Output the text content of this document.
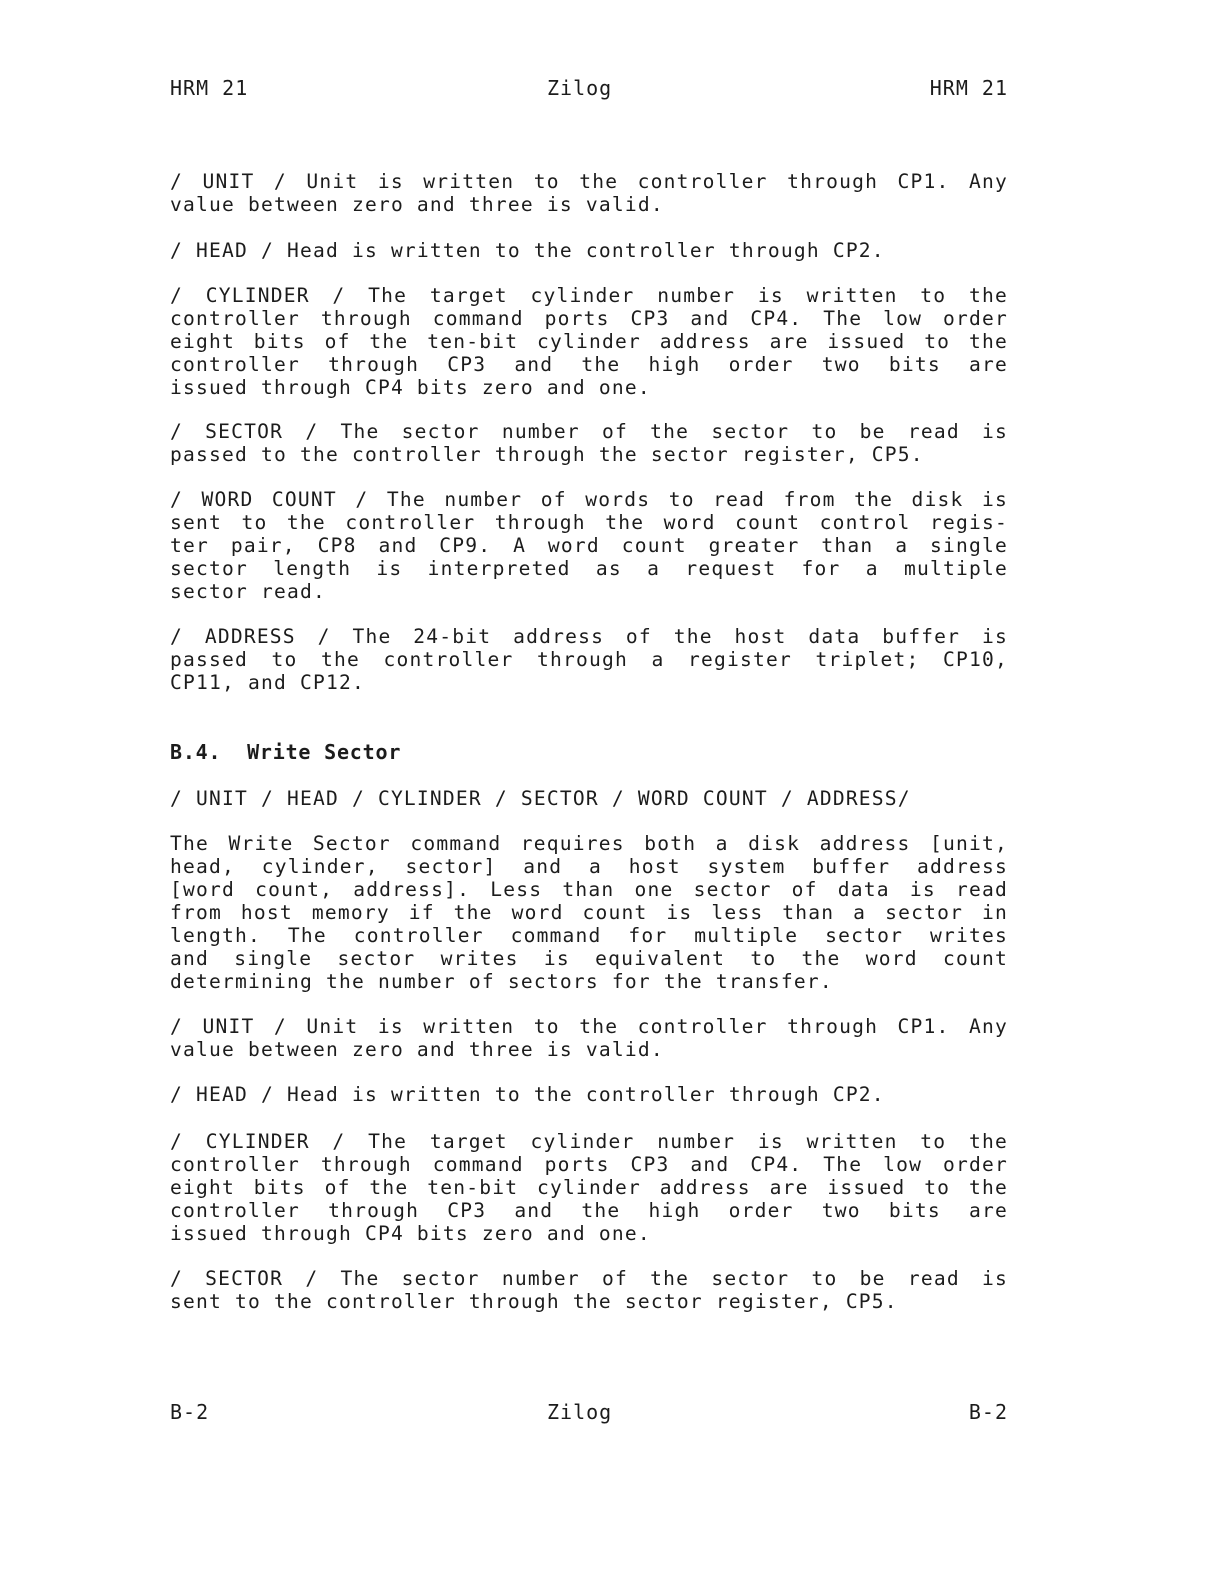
HRM 21	Zilog	HRM 21
/ UNIT / Unit is written to the controller through CP1. Any
value between zero and three is valid.
/ HEAD / Head is written to the controller through CP2.
/ CYLINDER / The target cylinder number is written to the
controller through command ports CP3 and CP4. The low order
eight bits of the ten-bit cylinder address are issued to the
controller through CP3 and the high order two bits are
issued through CP4 bits zero and one.
/ SECTOR / The sector number of the sector to be read is
passed to the controller through the sector register, CP5.
/ WORD COUNT / The number of words to read from the disk is
sent to the controller through the word count control regis-
ter pair, CP8 and CP9. A word count greater than a single
sector length is interpreted as a request for a multiple
sector read.
/ ADDRESS / The 24-bit address of the host data buffer is
passed to the controller through a register triplet; CP10,
CP11, and CP12.
B.4. Write Sector
/ UNIT / HEAD / CYLINDER / SECTOR / WORD COUNT / ADDRESS/
The Write Sector command requires both a disk address [unit,
head, cylinder, sector] and a host system buffer address
[word count, address]. Less than one sector of data is read
from host memory if the word count is less than a sector in
length. The controller command for multiple sector writes
and single sector writes is equivalent to the word count
determining the number of sectors for the transfer.
/ UNIT / Unit is written to the controller through CP1. Any
value between zero and three is valid.
/ HEAD / Head is written to the controller through CP2.
/ CYLINDER / The target cylinder number is written to the
controller through command ports CP3 and CP4. The low order
eight bits of the ten-bit cylinder address are issued to the
controller through CP3 and the high order two bits are
issued through CP4 bits zero and one.
/ SECTOR / The sector number of the sector to be read is
sent to the controller through the sector register, CP5.
B-2	Zilog	B-2
